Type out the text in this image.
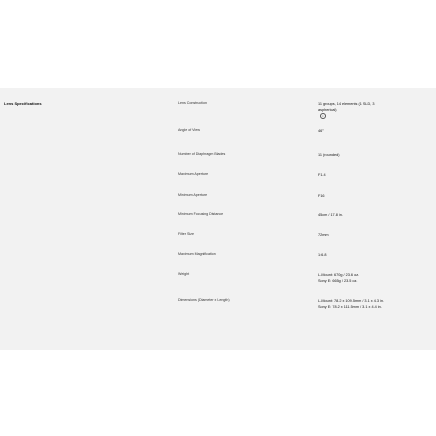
Lens Specifications	Lens Construction	11 groups, 14 elements (1 SLD, 3
aspherical)
i
Angle of View	46°
Number of Diaphragm Blades	11 (rounded)
Maximum Aperture	F1.4
Minimum Aperture	F16
Minimum Focusing Distance	45cm / 17.8 in.
Filter Size	72mm
Maximum Magnification	1:6.8
Weight	L-Mount: 670g / 23.6 oz.
Sony E: 665g / 23.5 oz.
Dimensions (Diameter x Length)	L-Mount: 78.2 x 109.5mm / 3.1 x 4.3 in.
Sony E: 78.2 x 111.5mm / 3.1 x 4.4 in.
